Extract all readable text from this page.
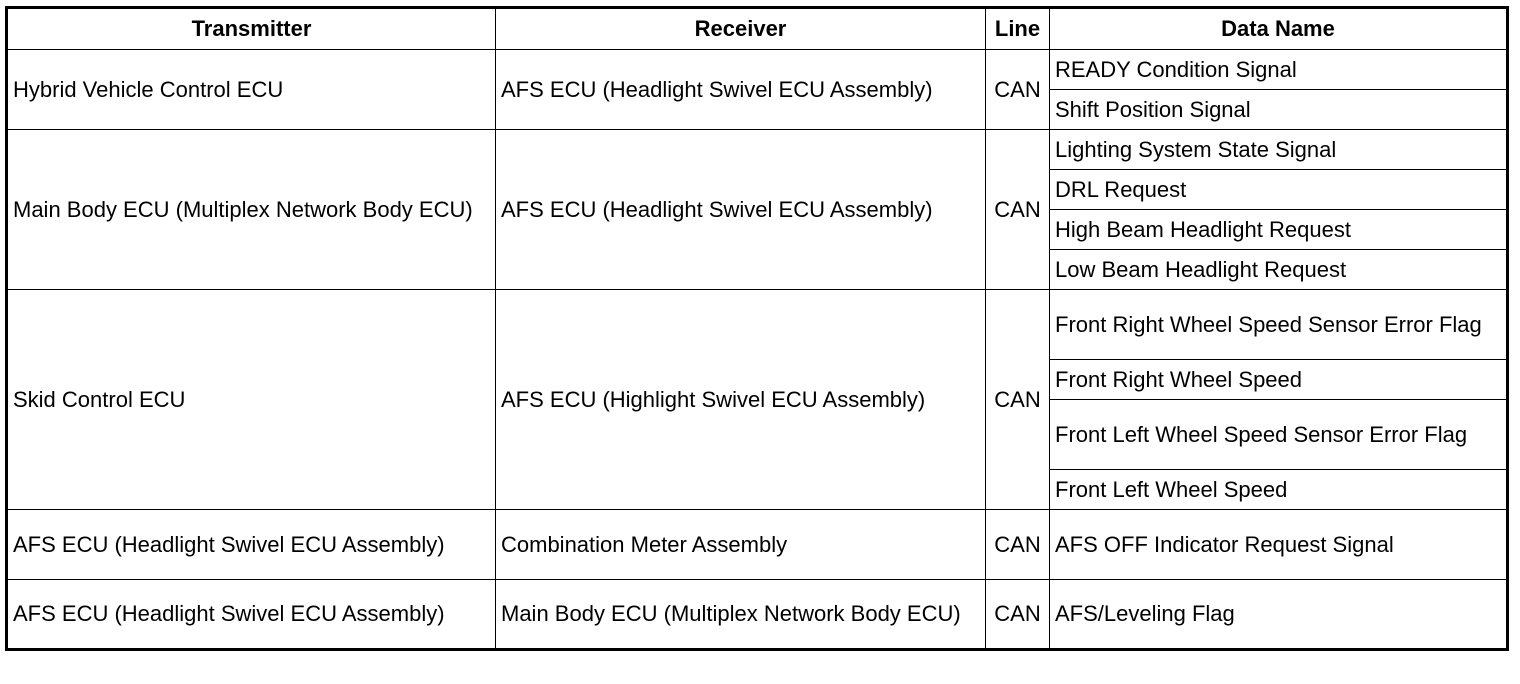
Transmitter	Receiver	Line	Data Name
Hybrid Vehicle Control ECU	AFS ECU (Headlight Swivel ECU Assembly)	CAN	READY Condition Signal
			Shift Position Signal
Main Body ECU (Multiplex Network Body ECU)	AFS ECU (Headlight Swivel ECU Assembly)	CAN	Lighting System State Signal
			DRL Request
			High Beam Headlight Request
			Low Beam Headlight Request
Skid Control ECU	AFS ECU (Highlight Swivel ECU Assembly)	CAN	Front Right Wheel Speed Sensor Error Flag
			Front Right Wheel Speed
			Front Left Wheel Speed Sensor Error Flag
			Front Left Wheel Speed
AFS ECU (Headlight Swivel ECU Assembly)	Combination Meter Assembly	CAN	AFS OFF Indicator Request Signal
AFS ECU (Headlight Swivel ECU Assembly)	Main Body ECU (Multiplex Network Body ECU)	CAN	AFS/Leveling Flag
